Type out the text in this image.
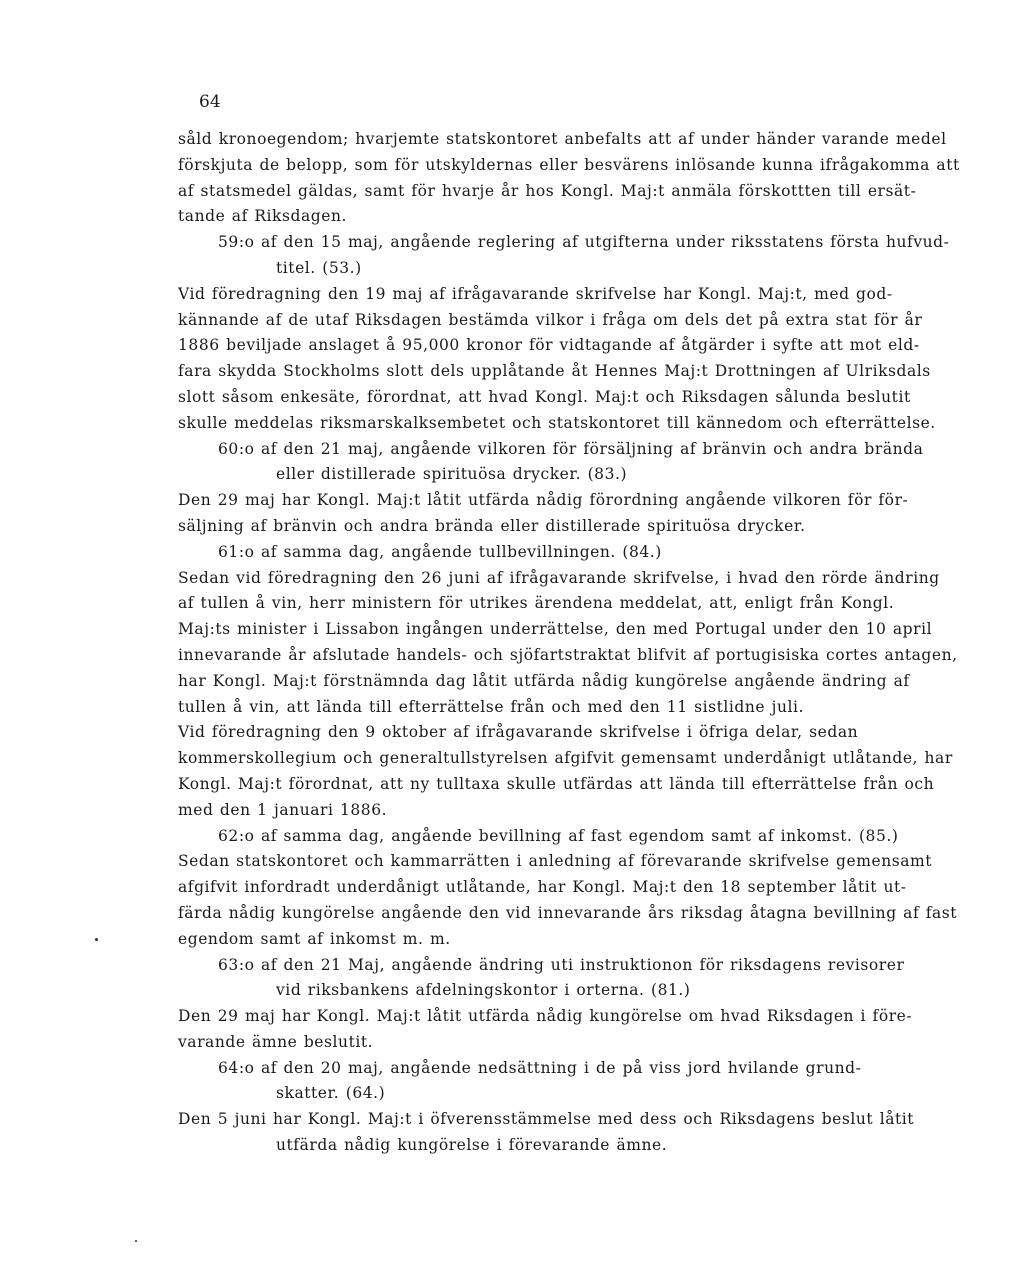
64
såld kronoegendom; hvarjemte statskontoret anbefalts att af under händer varande medel
förskjuta de belopp, som för utskyldernas eller besvärens inlösande kunna ifrågakomma att
af statsmedel gäldas, samt för hvarje år hos Kongl. Maj:t anmäla förskottten till ersät-
tande af Riksdagen.
59:o af den 15 maj, angående reglering af utgifterna under riksstatens första hufvud-
titel. (53.)
Vid föredragning den 19 maj af ifrågavarande skrifvelse har Kongl. Maj:t, med god-
kännande af de utaf Riksdagen bestämda vilkor i fråga om dels det på extra stat för år
1886 beviljade anslaget å 95,000 kronor för vidtagande af åtgärder i syfte att mot eld-
fara skydda Stockholms slott dels upplåtande åt Hennes Maj:t Drottningen af Ulriksdals
slott såsom enkesäte, förordnat, att hvad Kongl. Maj:t och Riksdagen sålunda beslutit
skulle meddelas riksmarskalksembetet och statskontoret till kännedom och efterrättelse.
60:o af den 21 maj, angående vilkoren för försäljning af bränvin och andra brända
eller distillerade spirituösa drycker. (83.)
Den 29 maj har Kongl. Maj:t låtit utfärda nådig förordning angående vilkoren för för-
säljning af bränvin och andra brända eller distillerade spirituösa drycker.
61:o af samma dag, angående tullbevillningen. (84.)
Sedan vid föredragning den 26 juni af ifrågavarande skrifvelse, i hvad den rörde ändring
af tullen å vin, herr ministern för utrikes ärendena meddelat, att, enligt från Kongl.
Maj:ts minister i Lissabon ingången underrättelse, den med Portugal under den 10 april
innevarande år afslutade handels- och sjöfartstraktat blifvit af portugisiska cortes antagen,
har Kongl. Maj:t förstnämnda dag låtit utfärda nådig kungörelse angående ändring af
tullen å vin, att lända till efterrättelse från och med den 11 sistlidne juli.
Vid föredragning den 9 oktober af ifrågavarande skrifvelse i öfriga delar, sedan
kommerskollegium och generaltullstyrelsen afgifvit gemensamt underdånigt utlåtande, har
Kongl. Maj:t förordnat, att ny tulltaxa skulle utfärdas att lända till efterrättelse från och
med den 1 januari 1886.
62:o af samma dag, angående bevillning af fast egendom samt af inkomst. (85.)
Sedan statskontoret och kammarrätten i anledning af förevarande skrifvelse gemensamt
afgifvit infordradt underdånigt utlåtande, har Kongl. Maj:t den 18 september låtit ut-
färda nådig kungörelse angående den vid innevarande års riksdag åtagna bevillning af fast
egendom samt af inkomst m. m.
63:o af den 21 Maj, angående ändring uti instruktionon för riksdagens revisorer
vid riksbankens afdelningskontor i orterna. (81.)
Den 29 maj har Kongl. Maj:t låtit utfärda nådig kungörelse om hvad Riksdagen i före-
varande ämne beslutit.
64:o af den 20 maj, angående nedsättning i de på viss jord hvilande grund-
skatter. (64.)
Den 5 juni har Kongl. Maj:t i öfverensstämmelse med dess och Riksdagens beslut låtit
utfärda nådig kungörelse i förevarande ämne.
